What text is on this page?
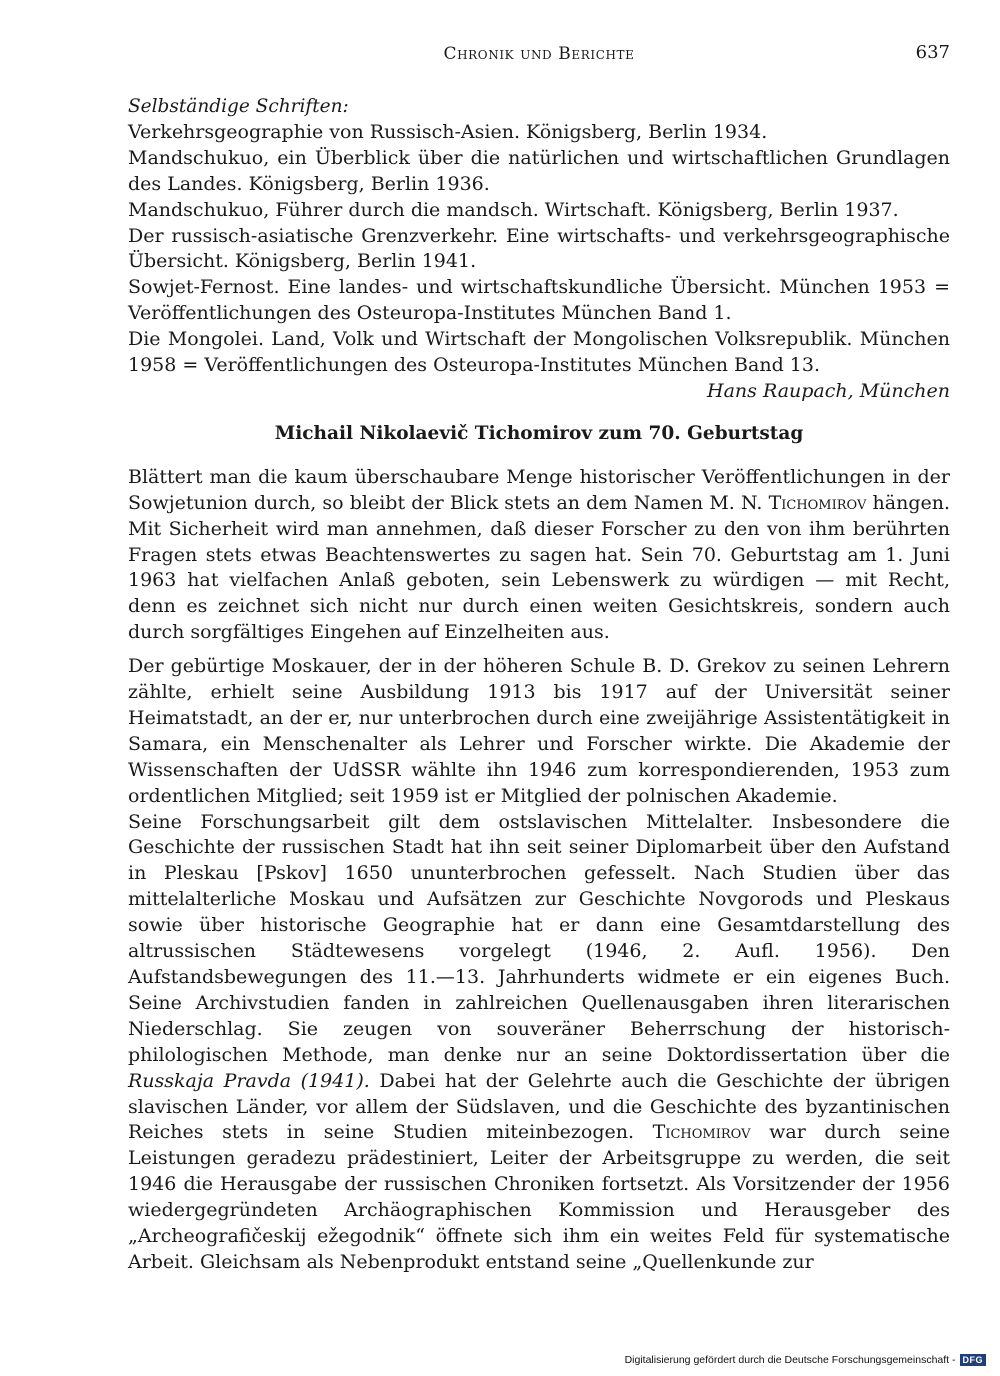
Chronik und Berichte	637

Selbständige Schriften:

Verkehrsgeographie von Russisch-Asien. Königsberg, Berlin 1934.
Mandschukuo, ein Überblick über die natürlichen und wirtschaftlichen Grundlagen des Landes. Königsberg, Berlin 1936.
Mandschukuo, Führer durch die mandsch. Wirtschaft. Königsberg, Berlin 1937.
Der russisch-asiatische Grenzverkehr. Eine wirtschafts- und verkehrsgeographische Übersicht. Königsberg, Berlin 1941.
Sowjet-Fernost. Eine landes- und wirtschaftskundliche Übersicht. München 1953 = Veröffentlichungen des Osteuropa-Institutes München Band 1.
Die Mongolei. Land, Volk und Wirtschaft der Mongolischen Volksrepublik. München 1958 = Veröffentlichungen des Osteuropa-Institutes München Band 13.

Hans Raupach, München

Michail Nikolaevič Tichomirov zum 70. Geburtstag

Blättert man die kaum überschaubare Menge historischer Veröffentlichungen in der Sowjetunion durch, so bleibt der Blick stets an dem Namen M. N. Tichomirov hängen. Mit Sicherheit wird man annehmen, daß dieser Forscher zu den von ihm berührten Fragen stets etwas Beachtenswertes zu sagen hat. Sein 70. Geburtstag am 1. Juni 1963 hat vielfachen Anlaß geboten, sein Lebenswerk zu würdigen — mit Recht, denn es zeichnet sich nicht nur durch einen weiten Gesichtskreis, sondern auch durch sorgfältiges Eingehen auf Einzelheiten aus.

Der gebürtige Moskauer, der in der höheren Schule B. D. Grekov zu seinen Lehrern zählte, erhielt seine Ausbildung 1913 bis 1917 auf der Universität seiner Heimatstadt, an der er, nur unterbrochen durch eine zweijährige Assistentätigkeit in Samara, ein Menschenalter als Lehrer und Forscher wirkte. Die Akademie der Wissenschaften der UdSSR wählte ihn 1946 zum korrespondierenden, 1953 zum ordentlichen Mitglied; seit 1959 ist er Mitglied der polnischen Akademie.

Seine Forschungsarbeit gilt dem ostslavischen Mittelalter. Insbesondere die Geschichte der russischen Stadt hat ihn seit seiner Diplomarbeit über den Aufstand in Pleskau [Pskov] 1650 ununterbrochen gefesselt. Nach Studien über das mittelalterliche Moskau und Aufsätzen zur Geschichte Novgorods und Pleskaus sowie über historische Geographie hat er dann eine Gesamtdarstellung des altrussischen Städtewesens vorgelegt (1946, 2. Aufl. 1956). Den Aufstandsbewegungen des 11.—13. Jahrhunderts widmete er ein eigenes Buch. Seine Archivstudien fanden in zahlreichen Quellenausgaben ihren literarischen Niederschlag. Sie zeugen von souveräner Beherrschung der historisch-philologischen Methode, man denke nur an seine Doktordissertation über die Russkaja Pravda (1941). Dabei hat der Gelehrte auch die Geschichte der übrigen slavischen Länder, vor allem der Südslaven, und die Geschichte des byzantinischen Reiches stets in seine Studien miteinbezogen. Tichomirov war durch seine Leistungen geradezu prädestiniert, Leiter der Arbeitsgruppe zu werden, die seit 1946 die Herausgabe der russischen Chroniken fortsetzt. Als Vorsitzender der 1956 wiedergegründeten Archäographischen Kommission und Herausgeber des „Archeografičeskij ežegodnik“ öffnete sich ihm ein weites Feld für systematische Arbeit. Gleichsam als Nebenprodukt entstand seine „Quellenkunde zur

Digitalisierung gefördert durch die Deutsche Forschungsgemeinschaft - DFG
